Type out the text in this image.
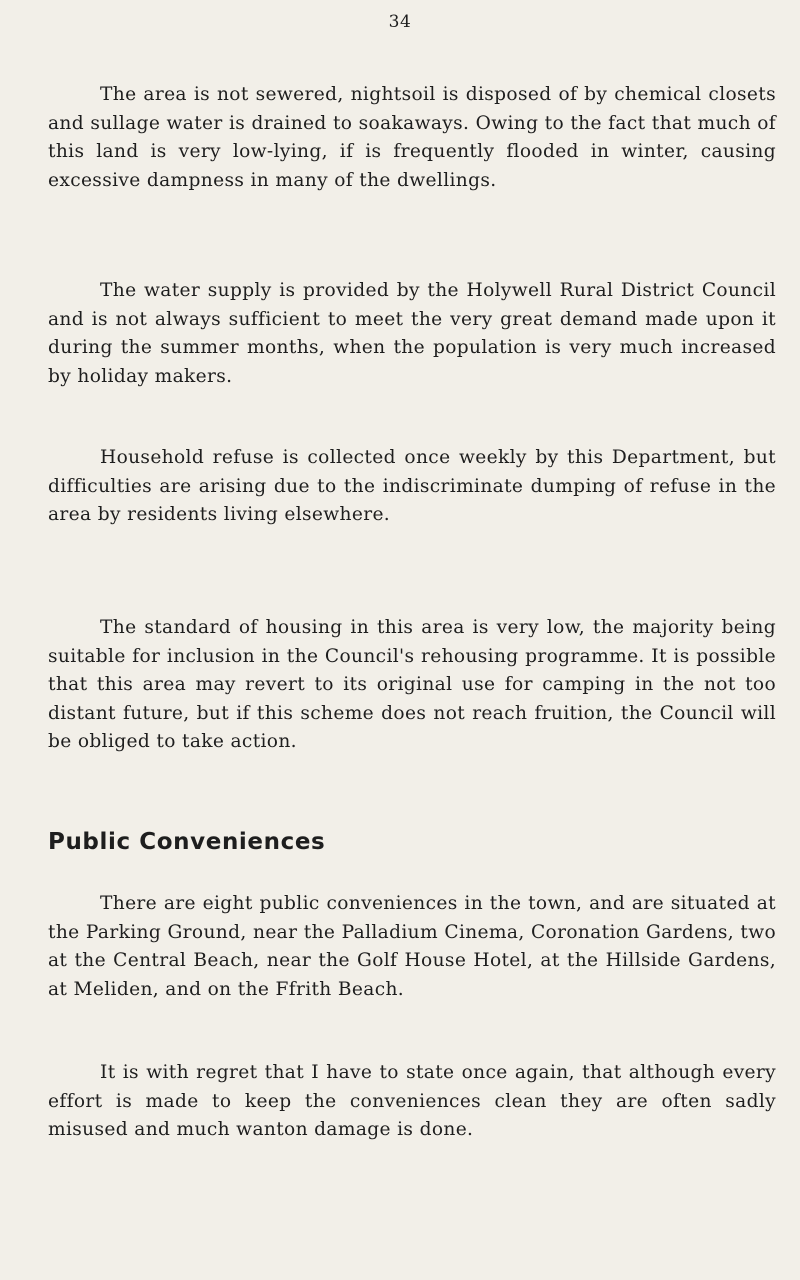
34

The area is not sewered, nightsoil is disposed of by chemical closets and sullage water is drained to soakaways. Owing to the fact that much of this land is very low-lying, if is frequently flooded in winter, causing excessive dampness in many of the dwellings.

The water supply is provided by the Holywell Rural District Council and is not always sufficient to meet the very great demand made upon it during the summer months, when the population is very much increased by holiday makers.

Household refuse is collected once weekly by this Department, but difficulties are arising due to the indiscriminate dumping of refuse in the area by residents living elsewhere.

The standard of housing in this area is very low, the majority being suitable for inclusion in the Council's rehousing programme. It is possible that this area may revert to its original use for camping in the not too distant future, but if this scheme does not reach fruition, the Council will be obliged to take action.

Public Conveniences

There are eight public conveniences in the town, and are situated at the Parking Ground, near the Palladium Cinema, Coronation Gardens, two at the Central Beach, near the Golf House Hotel, at the Hillside Gardens, at Meliden, and on the Ffrith Beach.

It is with regret that I have to state once again, that although every effort is made to keep the conveniences clean they are often sadly misused and much wanton damage is done.
